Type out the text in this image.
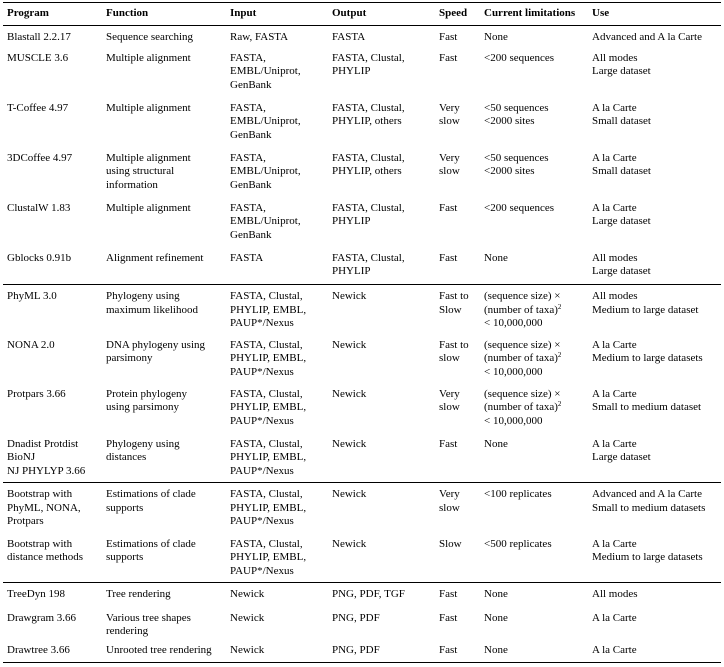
Program	Function	Input	Output	Speed	Current limitations	Use

Blastall 2.2.17	Sequence searching	Raw, FASTA	FASTA	Fast	None	Advanced and A la Carte

MUSCLE 3.6	Multiple alignment	FASTA,
EMBL/Uniprot,
GenBank	FASTA, Clustal,
PHYLIP	Fast	<200 sequences	All modes
Large dataset

T-Coffee 4.97	Multiple alignment	FASTA,
EMBL/Uniprot,
GenBank	FASTA, Clustal,
PHYLIP, others	Very
slow	<50 sequences
<2000 sites	A la Carte
Small dataset

3DCoffee 4.97	Multiple alignment
using structural
information	FASTA,
EMBL/Uniprot,
GenBank	FASTA, Clustal,
PHYLIP, others	Very
slow	<50 sequences
<2000 sites	A la Carte
Small dataset

ClustalW 1.83	Multiple alignment	FASTA,
EMBL/Uniprot,
GenBank	FASTA, Clustal,
PHYLIP	Fast	<200 sequences	A la Carte
Large dataset

Gblocks 0.91b	Alignment refinement	FASTA	FASTA, Clustal,
PHYLIP	Fast	None	All modes
Large dataset

PhyML 3.0	Phylogeny using
maximum likelihood	FASTA, Clustal,
PHYLIP, EMBL,
PAUP*/Nexus	Newick	Fast to
Slow	(sequence size) ×
(number of taxa)$^2$
< 10,000,000	All modes
Medium to large dataset

NONA 2.0	DNA phylogeny using
parsimony	FASTA, Clustal,
PHYLIP, EMBL,
PAUP*/Nexus	Newick	Fast to
slow	(sequence size) ×
(number of taxa)$^2$
< 10,000,000	A la Carte
Medium to large datasets

Protpars 3.66	Protein phylogeny
using parsimony	FASTA, Clustal,
PHYLIP, EMBL,
PAUP*/Nexus	Newick	Very
slow	(sequence size) ×
(number of taxa)$^2$
< 10,000,000	A la Carte
Small to medium dataset

Dnadist Protdist
BioNJ
NJ PHYLYP 3.66	Phylogeny using
distances	FASTA, Clustal,
PHYLIP, EMBL,
PAUP*/Nexus	Newick	Fast	None	A la Carte
Large dataset

Bootstrap with
PhyML, NONA,
Protpars	Estimations of clade
supports	FASTA, Clustal,
PHYLIP, EMBL,
PAUP*/Nexus	Newick	Very
slow	<100 replicates	Advanced and A la Carte
Small to medium datasets

Bootstrap with
distance methods	Estimations of clade
supports	FASTA, Clustal,
PHYLIP, EMBL,
PAUP*/Nexus	Newick	Slow	<500 replicates	A la Carte
Medium to large datasets

TreeDyn 198	Tree rendering	Newick	PNG, PDF, TGF	Fast	None	All modes

Drawgram 3.66	Various tree shapes
rendering	Newick	PNG, PDF	Fast	None	A la Carte

Drawtree 3.66	Unrooted tree rendering	Newick	PNG, PDF	Fast	None	A la Carte
